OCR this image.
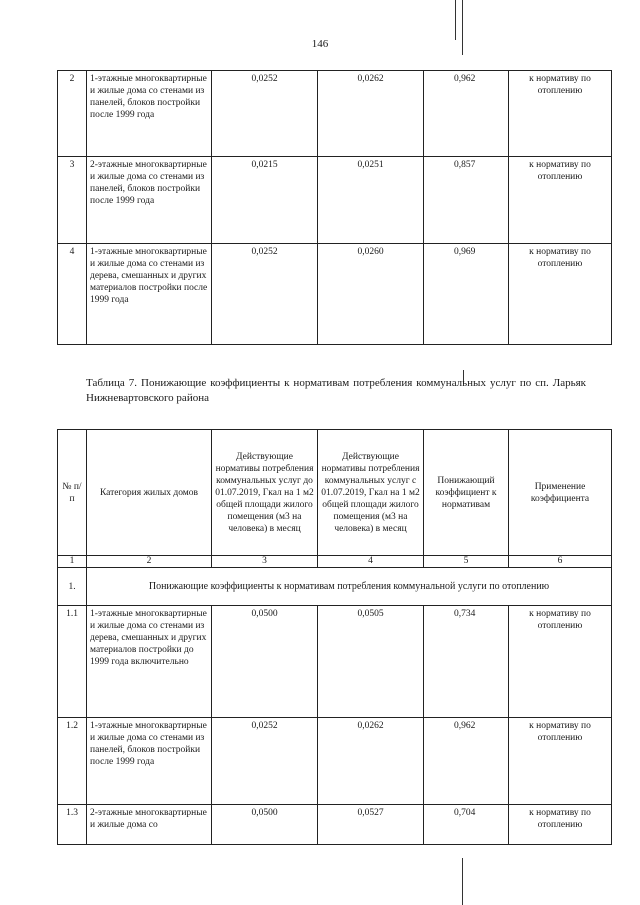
146
2	1-этажные многоквартирные и жилые дома со стенами из панелей, блоков постройки после 1999 года	0,0252	0,0262	0,962	к нормативу по отоплению
3	2-этажные многоквартирные и жилые дома со стенами из панелей, блоков постройки после 1999 года	0,0215	0,0251	0,857	к нормативу по отоплению
4	1-этажные многоквартирные и жилые дома со стенами из дерева, смешанных и других материалов постройки после 1999 года	0,0252	0,0260	0,969	к нормативу по отоплению
Таблица 7. Понижающие коэффициенты к нормативам потребления коммунальных услуг по сп. Ларьяк Нижневартовского района
№ п/п	Категория жилых домов	Действующие нормативы потребления коммунальных услуг до 01.07.2019, Гкал на 1 м2 общей площади жилого помещения (м3 на человека) в месяц	Действующие нормативы потребления коммунальных услуг с 01.07.2019, Гкал на 1 м2 общей площади жилого помещения (м3 на человека) в месяц	Понижающий коэффициент к нормативам	Применение коэффициента
1	2	3	4	5	6
1.	Понижающие коэффициенты к нормативам потребления коммунальной услуги по отоплению				
1.1	1-этажные многоквартирные и жилые дома со стенами из дерева, смешанных и других материалов постройки до 1999 года включительно	0,0500	0,0505	0,734	к нормативу по отоплению
1.2	1-этажные многоквартирные и жилые дома со стенами из панелей, блоков постройки после 1999 года	0,0252	0,0262	0,962	к нормативу по отоплению
1.3	2-этажные многоквартирные и жилые дома со	0,0500	0,0527	0,704	к нормативу по отоплению
